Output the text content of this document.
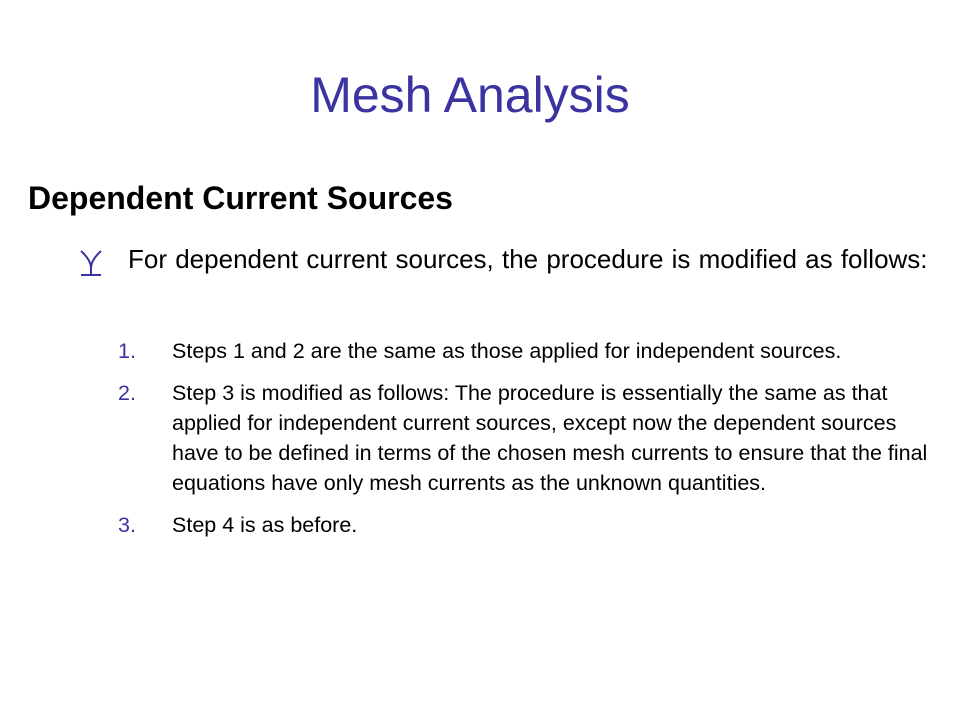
Mesh Analysis
Dependent Current Sources
For dependent current sources, the procedure is modified as follows:
1. Steps 1 and 2 are the same as those applied for independent sources.
2. Step 3 is modified as follows: The procedure is essentially the same as that applied for independent current sources, except now the dependent sources have to be defined in terms of the chosen mesh currents to ensure that the final equations have only mesh currents as the unknown quantities.
3. Step 4 is as before.
